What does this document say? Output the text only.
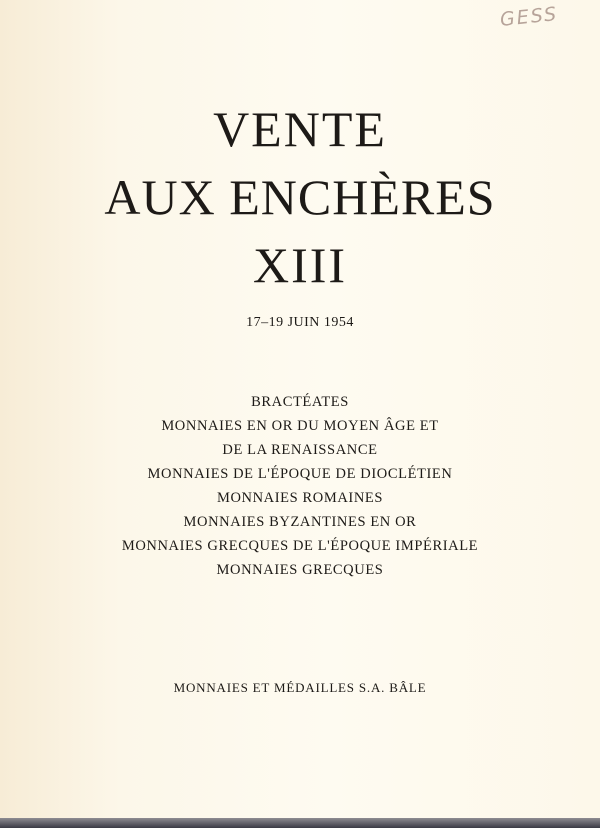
GESS
VENTE
AUX ENCHÈRES
XIII
17–19 JUIN 1954
BRACTÉATES
MONNAIES EN OR DU MOYEN ÂGE ET
DE LA RENAISSANCE
MONNAIES DE L'ÉPOQUE DE DIOCLÉTIEN
MONNAIES ROMAINES
MONNAIES BYZANTINES EN OR
MONNAIES GRECQUES DE L'ÉPOQUE IMPÉRIALE
MONNAIES GRECQUES
MONNAIES ET MÉDAILLES S.A. BÂLE
